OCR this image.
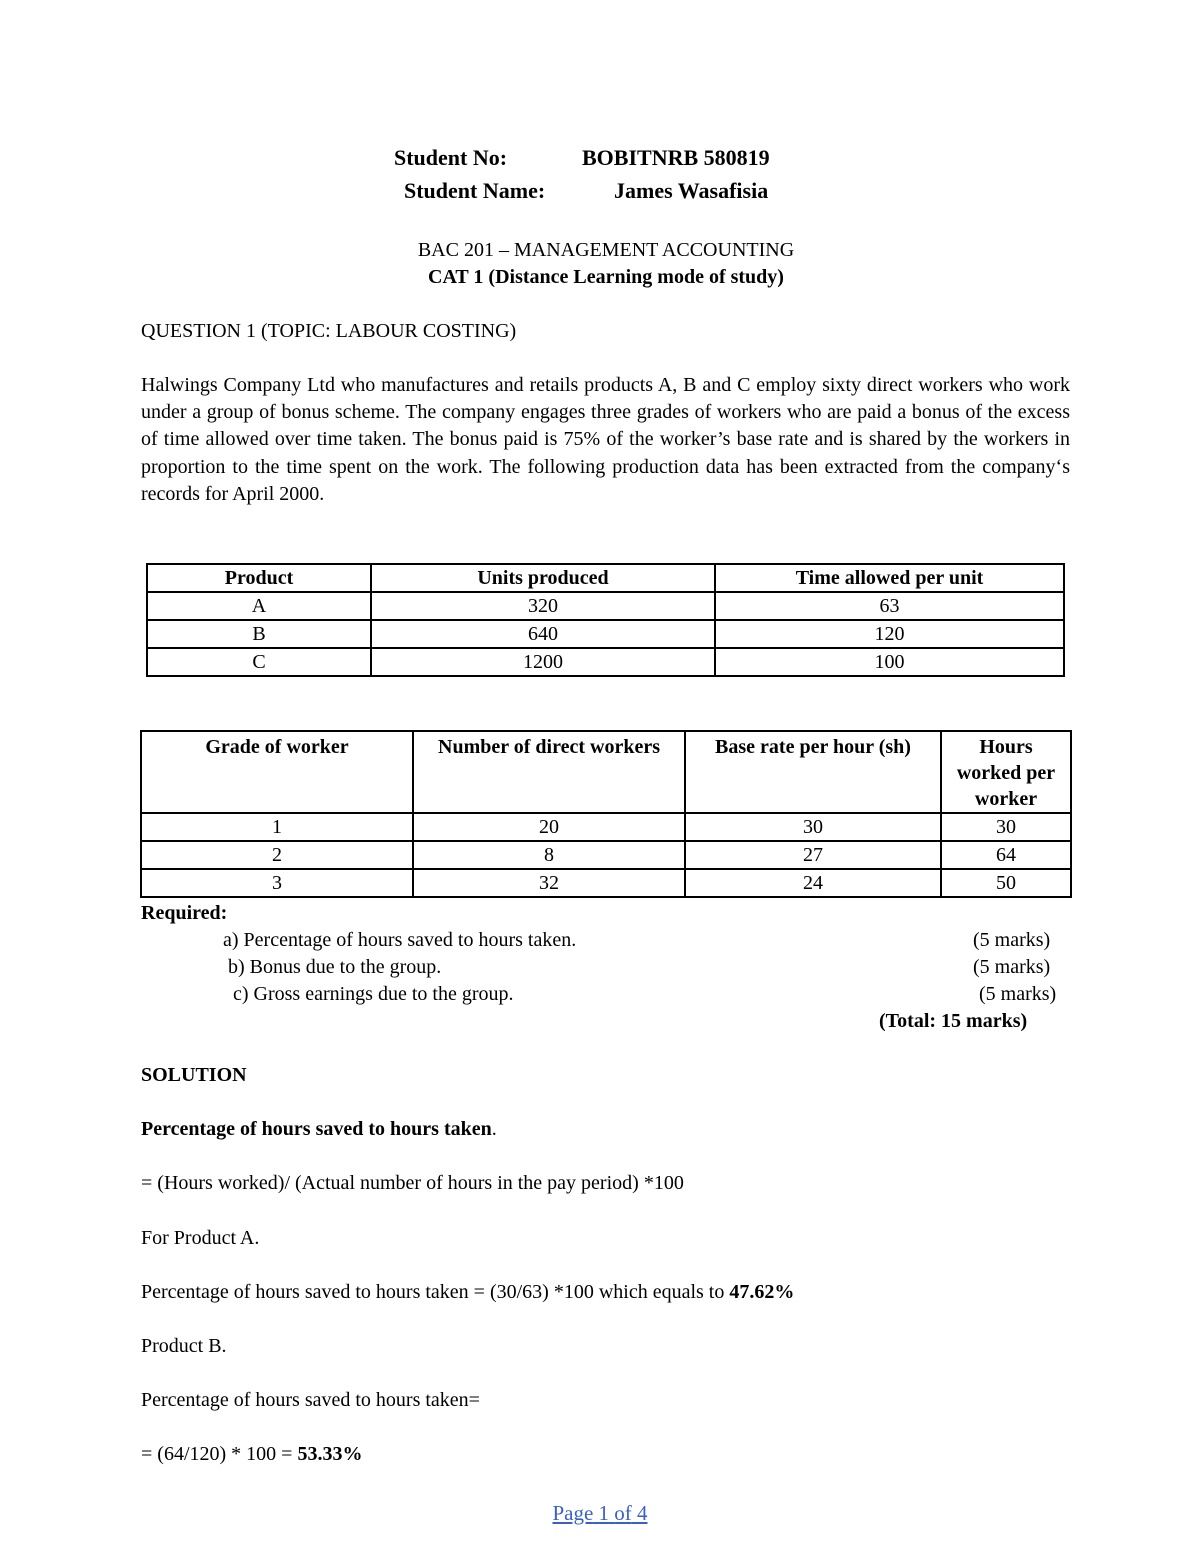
Student No:	BOBITNRB 580819
Student Name:	James Wasafisia
BAC 201 – MANAGEMENT ACCOUNTING
CAT 1 (Distance Learning mode of study)
QUESTION 1 (TOPIC: LABOUR COSTING)
Halwings Company Ltd who manufactures and retails products A, B and C employ sixty direct workers who work under a group of bonus scheme. The company engages three grades of workers who are paid a bonus of the excess of time allowed over time taken. The bonus paid is 75% of the worker’s base rate and is shared by the workers in proportion to the time spent on the work. The following production data has been extracted from the company‘s records for April 2000.
Product	Units produced	Time allowed per unit
A	320	63
B	640	120
C	1200	100
Grade of worker	Number of direct workers	Base rate per hour (sh)	Hours worked per worker
1	20	30	30
2	8	27	64
3	32	24	50
Required:
a) Percentage of hours saved to hours taken.	(5 marks)
b) Bonus due to the group.	(5 marks)
c) Gross earnings due to the group.	(5 marks)
(Total: 15 marks)
SOLUTION
Percentage of hours saved to hours taken.
= (Hours worked)/ (Actual number of hours in the pay period) *100
For Product A.
Percentage of hours saved to hours taken = (30/63) *100 which equals to 47.62%
Product B.
Percentage of hours saved to hours taken=
= (64/120) * 100 = 53.33%
Page 1 of 4
